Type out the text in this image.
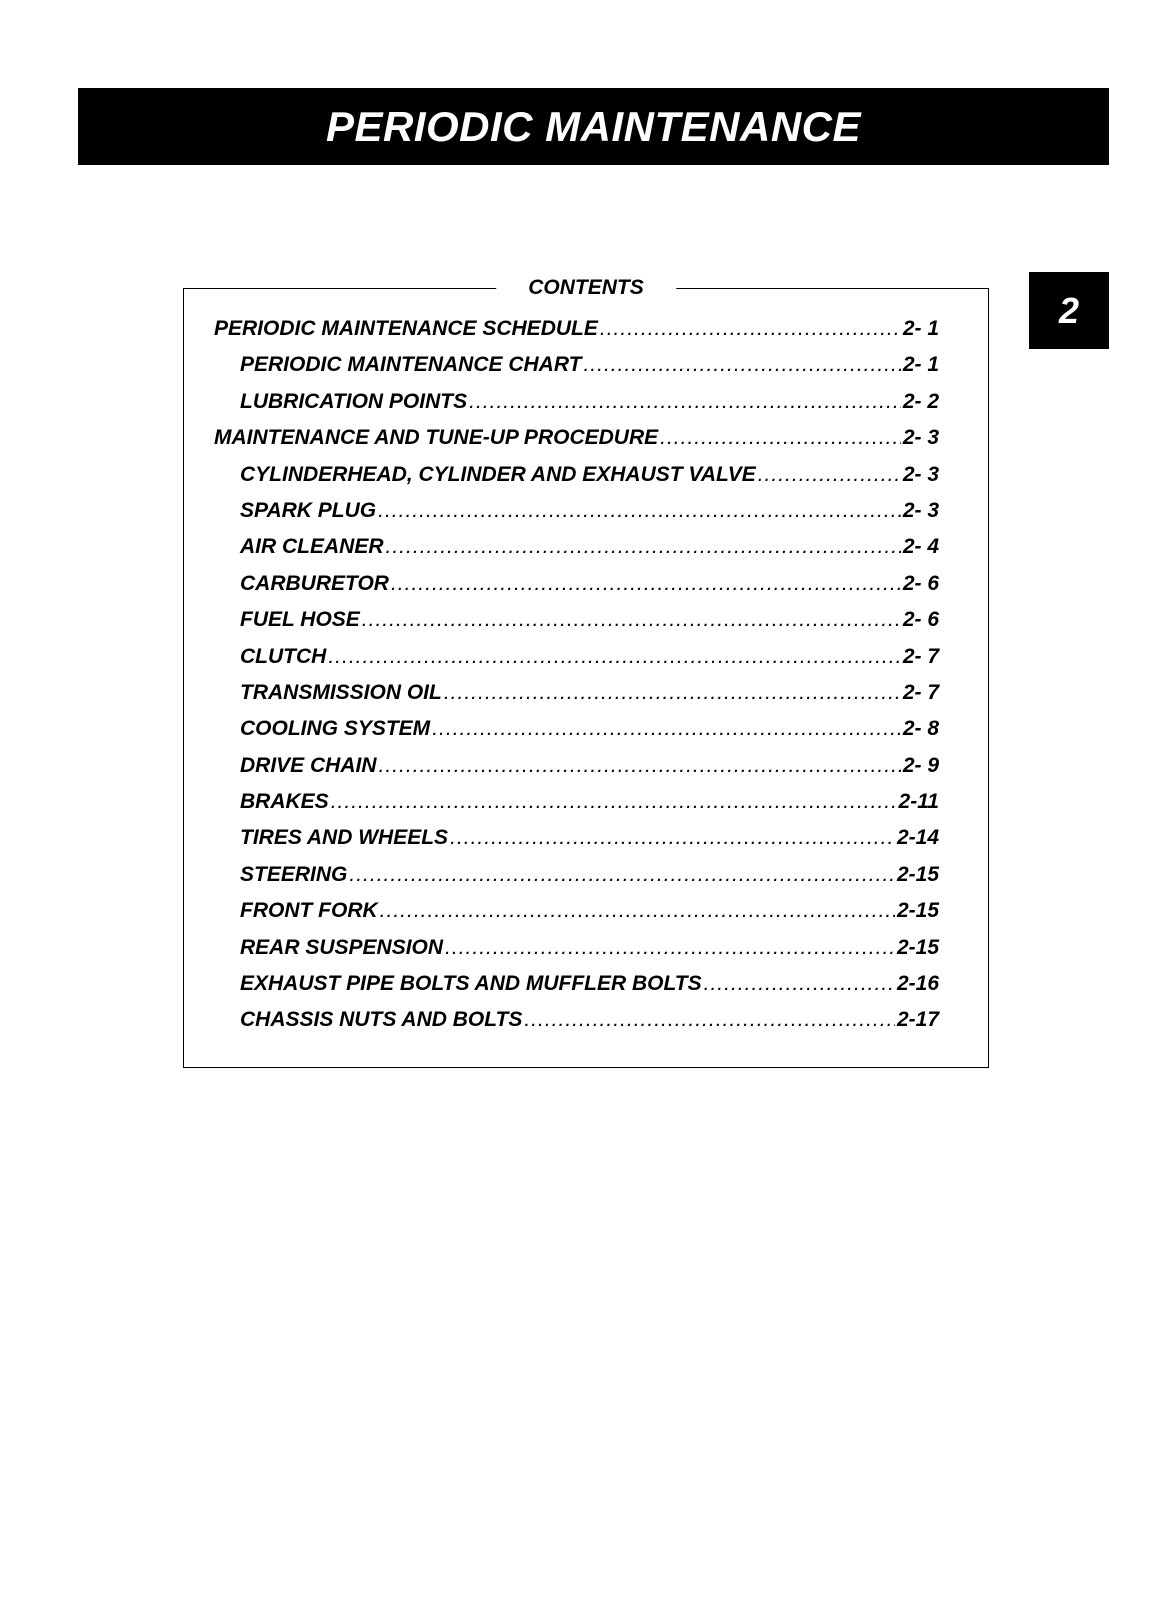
PERIODIC MAINTENANCE
2
CONTENTS
PERIODIC MAINTENANCE SCHEDULE .....	2- 1
PERIODIC MAINTENANCE CHART .....	2- 1
LUBRICATION POINTS .....	2- 2
MAINTENANCE AND TUNE-UP PROCEDURE .....	2- 3
CYLINDERHEAD, CYLINDER AND EXHAUST VALVE .....	2- 3
SPARK PLUG .....	2- 3
AIR CLEANER .....	2- 4
CARBURETOR .....	2- 6
FUEL HOSE .....	2- 6
CLUTCH .....	2- 7
TRANSMISSION OIL .....	2- 7
COOLING SYSTEM .....	2- 8
DRIVE CHAIN .....	2- 9
BRAKES .....	2-11
TIRES AND WHEELS .....	2-14
STEERING .....	2-15
FRONT FORK .....	2-15
REAR SUSPENSION .....	2-15
EXHAUST PIPE BOLTS AND MUFFLER BOLTS .....	2-16
CHASSIS NUTS AND BOLTS .....	2-17
